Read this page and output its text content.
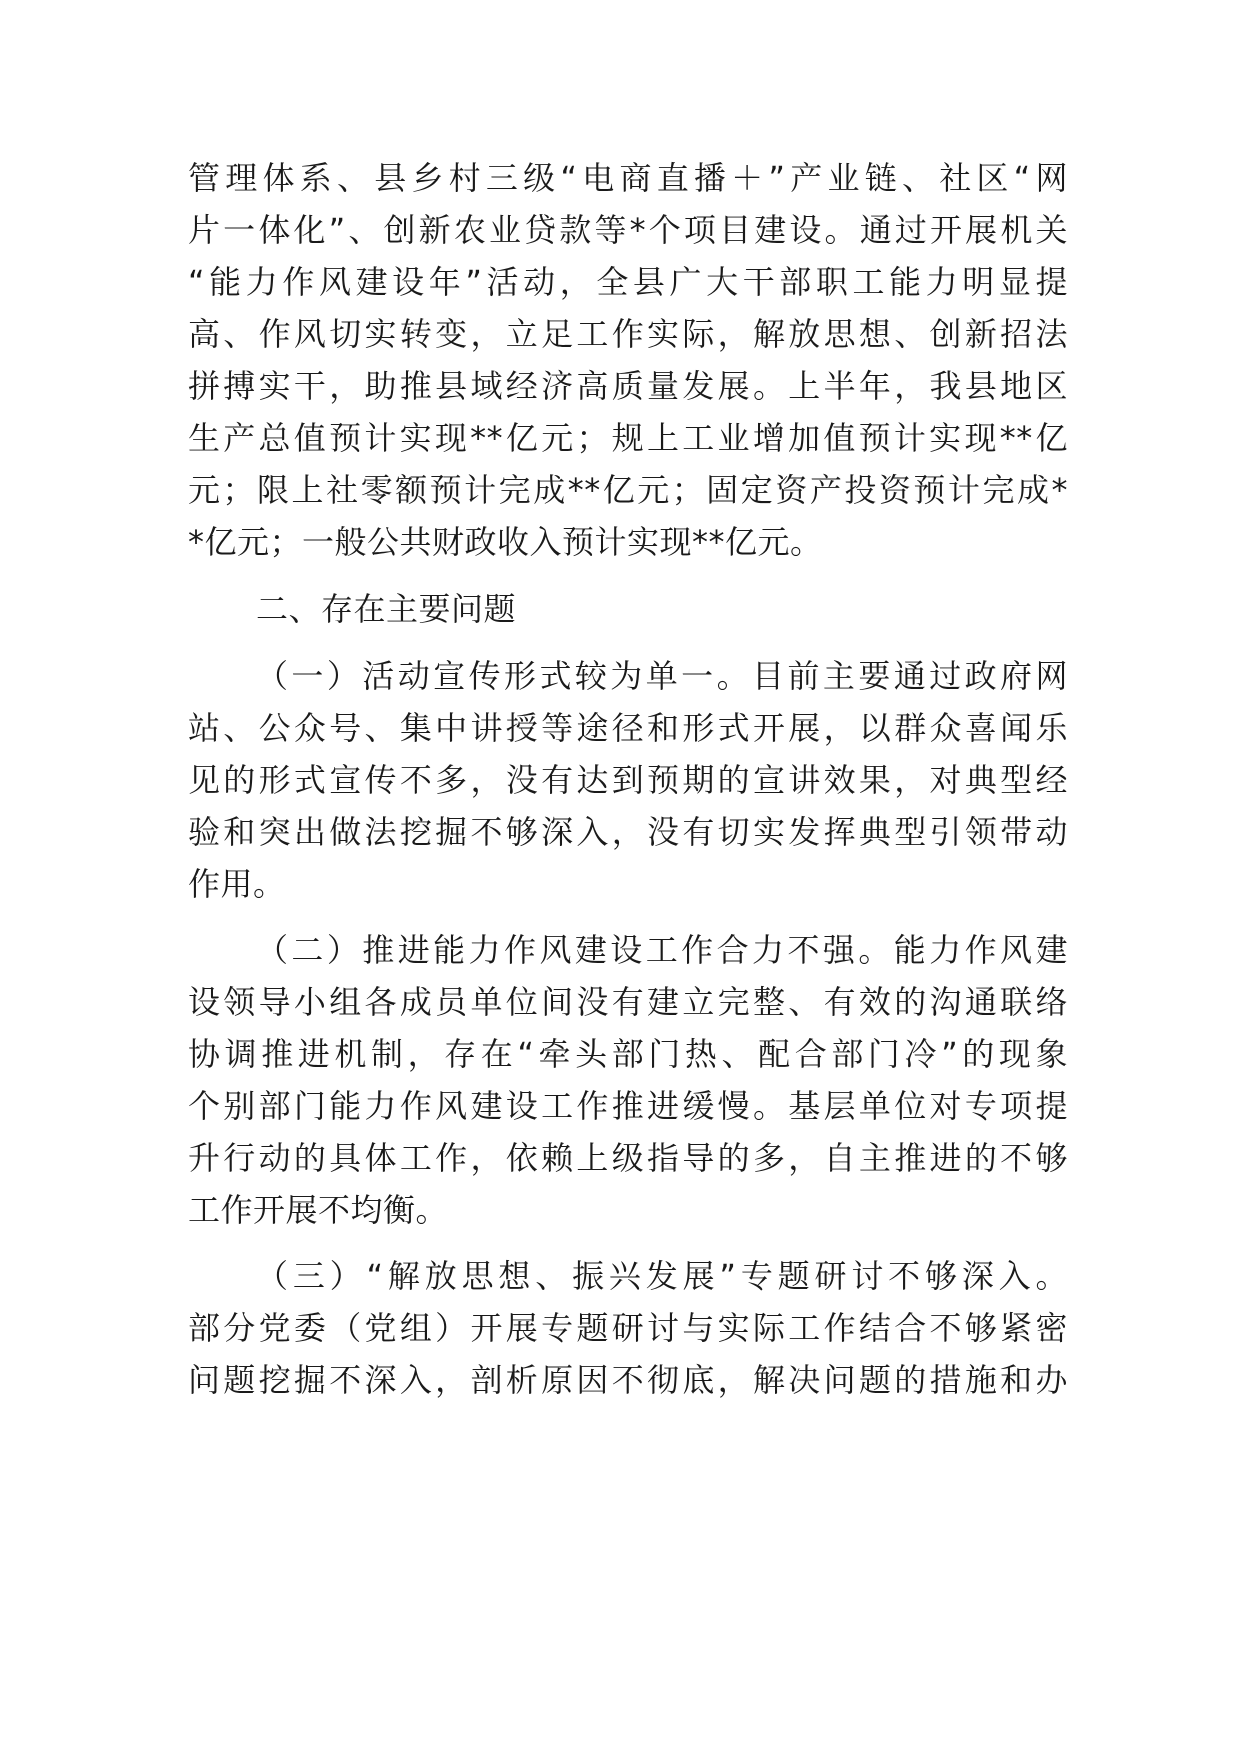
管理体系、县乡村三级“电商直播＋”产业链、社区“网
片一体化”、创新农业贷款等*个项目建设。通过开展机关
“能力作风建设年”活动，全县广大干部职工能力明显提
高、作风切实转变，立足工作实际，解放思想、创新招法
拼搏实干，助推县域经济高质量发展。上半年，我县地区
生产总值预计实现**亿元；规上工业增加值预计实现**亿
元；限上社零额预计完成**亿元；固定资产投资预计完成*
*亿元；一般公共财政收入预计实现**亿元。
二、存在主要问题
（一）活动宣传形式较为单一。目前主要通过政府网
站、公众号、集中讲授等途径和形式开展，以群众喜闻乐
见的形式宣传不多，没有达到预期的宣讲效果，对典型经
验和突出做法挖掘不够深入，没有切实发挥典型引领带动
作用。
（二）推进能力作风建设工作合力不强。能力作风建
设领导小组各成员单位间没有建立完整、有效的沟通联络
协调推进机制，存在“牵头部门热、配合部门冷”的现象
个别部门能力作风建设工作推进缓慢。基层单位对专项提
升行动的具体工作，依赖上级指导的多，自主推进的不够
工作开展不均衡。
（三）“解放思想、振兴发展”专题研讨不够深入。
部分党委（党组）开展专题研讨与实际工作结合不够紧密
问题挖掘不深入，剖析原因不彻底，解决问题的措施和办
